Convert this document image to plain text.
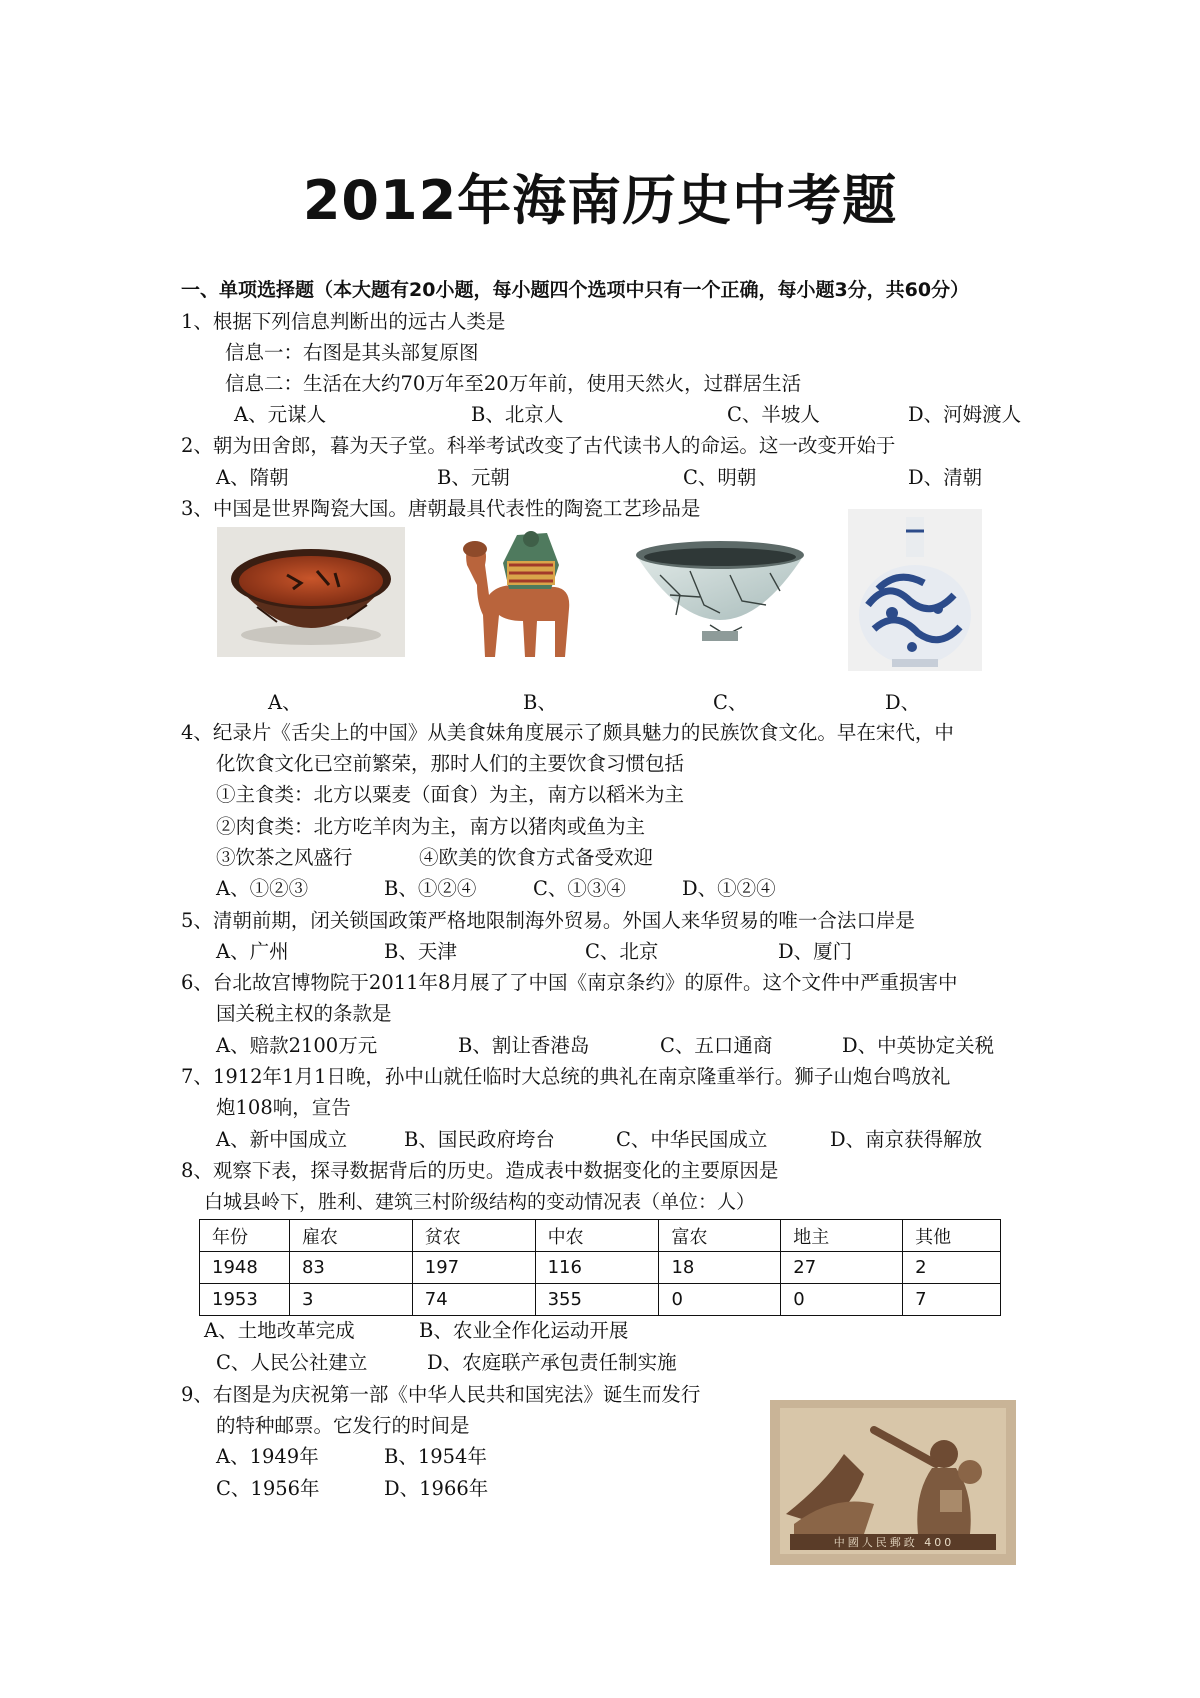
2012年海南历史中考题
一、单项选择题（本大题有20小题，每小题四个选项中只有一个正确，每小题3分，共60分）
1、根据下列信息判断出的远古人类是
信息一：右图是其头部复原图
信息二：生活在大约70万年至20万年前，使用天然火，过群居生活
A、元谋人	B、北京人	C、半坡人	D、河姆渡人
2、朝为田舍郎，暮为天子堂。科举考试改变了古代读书人的命运。这一改变开始于
A、隋朝	B、元朝	C、明朝	D、清朝
3、中国是世界陶瓷大国。唐朝最具代表性的陶瓷工艺珍品是
A、	B、	C、	D、
4、纪录片《舌尖上的中国》从美食妹角度展示了颇具魅力的民族饮食文化。早在宋代，中
化饮食文化已空前繁荣，那时人们的主要饮食习惯包括
①主食类：北方以粟麦（面食）为主，南方以稻米为主
②肉食类：北方吃羊肉为主，南方以猪肉或鱼为主
③饮茶之风盛行	④欧美的饮食方式备受欢迎
A、①②③	B、①②④	C、①③④	D、①②④
5、清朝前期，闭关锁国政策严格地限制海外贸易。外国人来华贸易的唯一合法口岸是
A、广州	B、天津	C、北京	D、厦门
6、台北故宫博物院于2011年8月展了了中国《南京条约》的原件。这个文件中严重损害中
国关税主权的条款是
A、赔款2100万元	B、割让香港岛	C、五口通商	D、中英协定关税
7、1912年1月1日晚，孙中山就任临时大总统的典礼在南京隆重举行。狮子山炮台鸣放礼
炮108响，宣告
A、新中国成立	B、国民政府垮台	C、中华民国成立	D、南京获得解放
8、观察下表，探寻数据背后的历史。造成表中数据变化的主要原因是
白城县岭下，胜利、建筑三村阶级结构的变动情况表（单位：人）
年份	雇农	贫农	中农	富农	地主	其他
1948	83	197	116	18	27	2
1953	3	74	355	0	0	7
A、土地改革完成	B、农业全作化运动开展
C、人民公社建立	D、农庭联产承包责任制实施
9、右图是为庆祝第一部《中华人民共和国宪法》诞生而发行
的特种邮票。它发行的时间是
A、1949年	B、1954年
C、1956年	D、1966年
中國人民郵政 400
